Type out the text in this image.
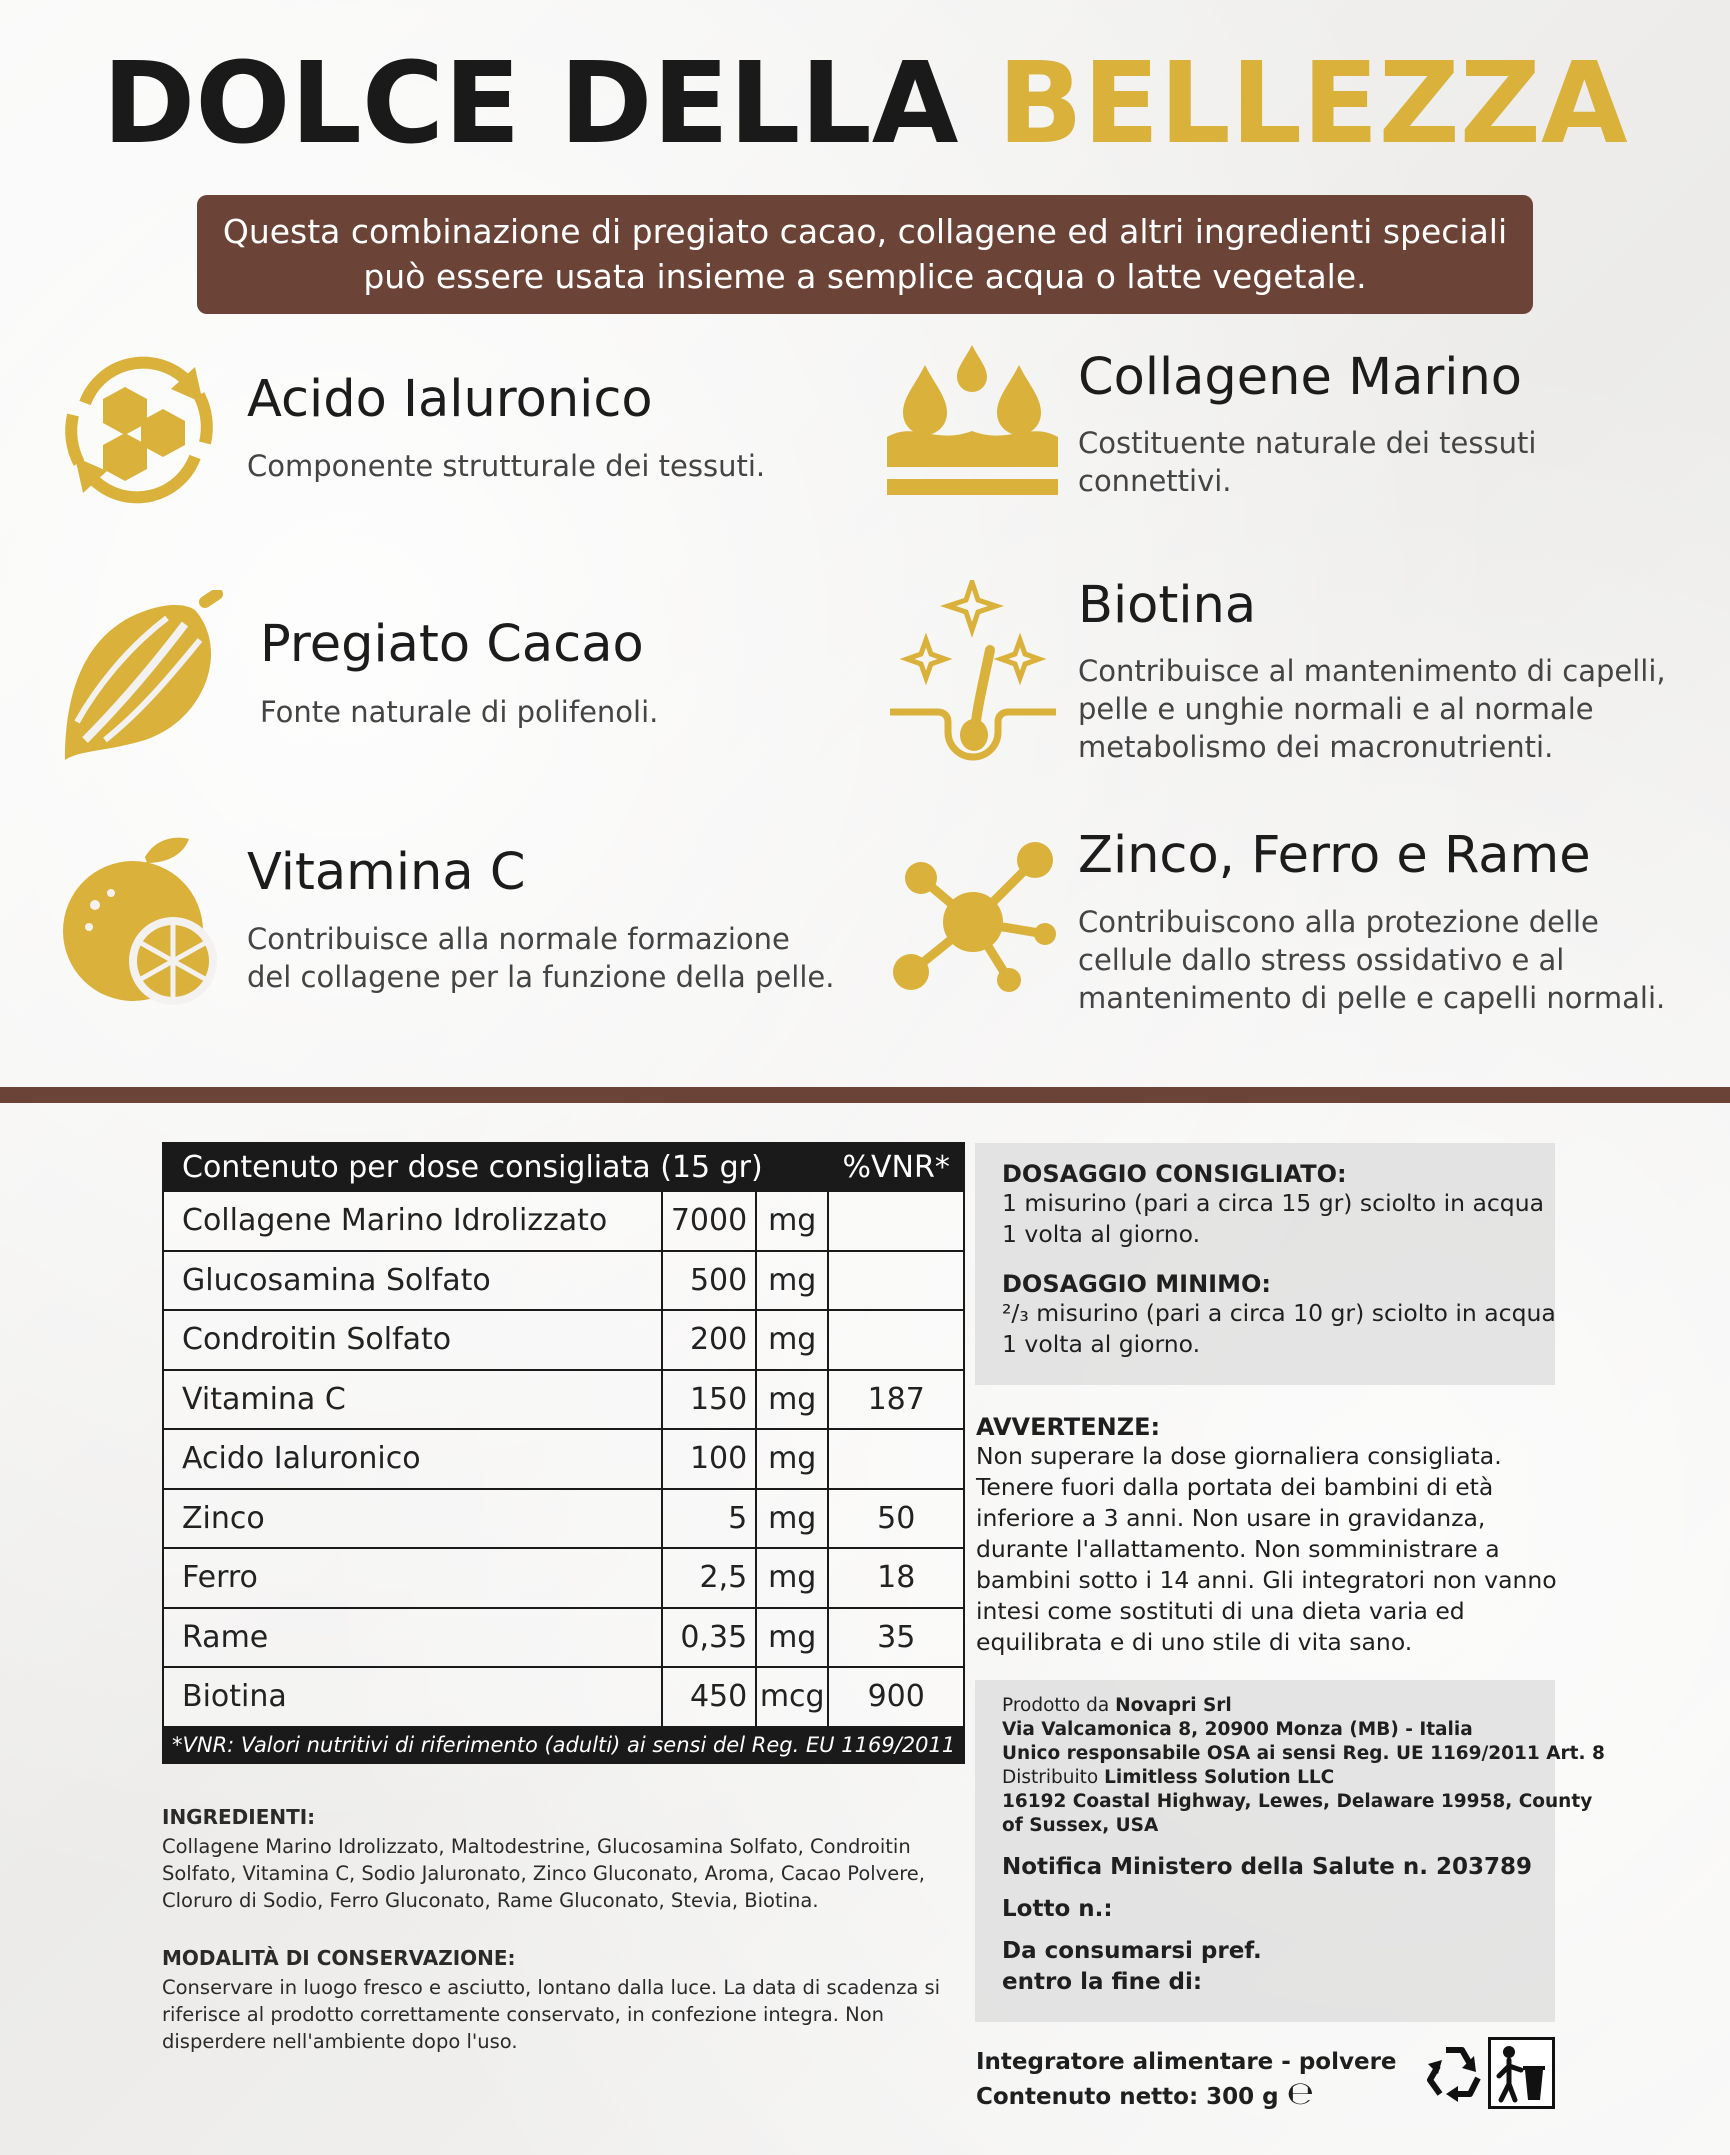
DOLCE DELLA BELLEZZA
Questa combinazione di pregiato cacao, collagene ed altri ingredienti speciali
può essere usata insieme a semplice acqua o latte vegetale.
Acido Ialuronico
Componente strutturale dei tessuti.
Collagene Marino
Costituente naturale dei tessuti
connettivi.
Pregiato Cacao
Fonte naturale di polifenoli.
Biotina
Contribuisce al mantenimento di capelli,
pelle e unghie normali e al normale
metabolismo dei macronutrienti.
Vitamina C
Contribuisce alla normale formazione
del collagene per la funzione della pelle.
Zinco, Ferro e Rame
Contribuiscono alla protezione delle
cellule dallo stress ossidativo e al
mantenimento di pelle e capelli normali.
Contenuto per dose consigliata (15 gr)			%VNR*
Collagene Marino Idrolizzato	7000	mg	
Glucosamina Solfato	500	mg	
Condroitin Solfato	200	mg	
Vitamina C	150	mg	187
Acido Ialuronico	100	mg	
Zinco	5	mg	50
Ferro	2,5	mg	18
Rame	0,35	mg	35
Biotina	450	mcg	900
*VNR: Valori nutritivi di riferimento (adulti) ai sensi del Reg. EU 1169/2011			
INGREDIENTI:
Collagene Marino Idrolizzato, Maltodestrine, Glucosamina Solfato, Condroitin
Solfato, Vitamina C, Sodio Jaluronato, Zinco Gluconato, Aroma, Cacao Polvere,
Cloruro di Sodio, Ferro Gluconato, Rame Gluconato, Stevia, Biotina.
MODALITÀ DI CONSERVAZIONE:
Conservare in luogo fresco e asciutto, lontano dalla luce. La data di scadenza si
riferisce al prodotto correttamente conservato, in confezione integra. Non
disperdere nell'ambiente dopo l'uso.
DOSAGGIO CONSIGLIATO:
1 misurino (pari a circa 15 gr) sciolto in acqua
1 volta al giorno.
DOSAGGIO MINIMO:
²/₃ misurino (pari a circa 10 gr) sciolto in acqua
1 volta al giorno.
AVVERTENZE:
Non superare la dose giornaliera consigliata.
Tenere fuori dalla portata dei bambini di età
inferiore a 3 anni. Non usare in gravidanza,
durante l'allattamento. Non somministrare a
bambini sotto i 14 anni. Gli integratori non vanno
intesi come sostituti di una dieta varia ed
equilibrata e di uno stile di vita sano.
Prodotto da Novapri Srl
Via Valcamonica 8, 20900 Monza (MB) - Italia
Unico responsabile OSA ai sensi Reg. UE 1169/2011 Art. 8
Distribuito Limitless Solution LLC
16192 Coastal Highway, Lewes, Delaware 19958, County
of Sussex, USA
Notifica Ministero della Salute n. 203789
Lotto n.:
Da consumarsi pref.
entro la fine di:
Integratore alimentare - polvere
Contenuto netto: 300 g ℮
